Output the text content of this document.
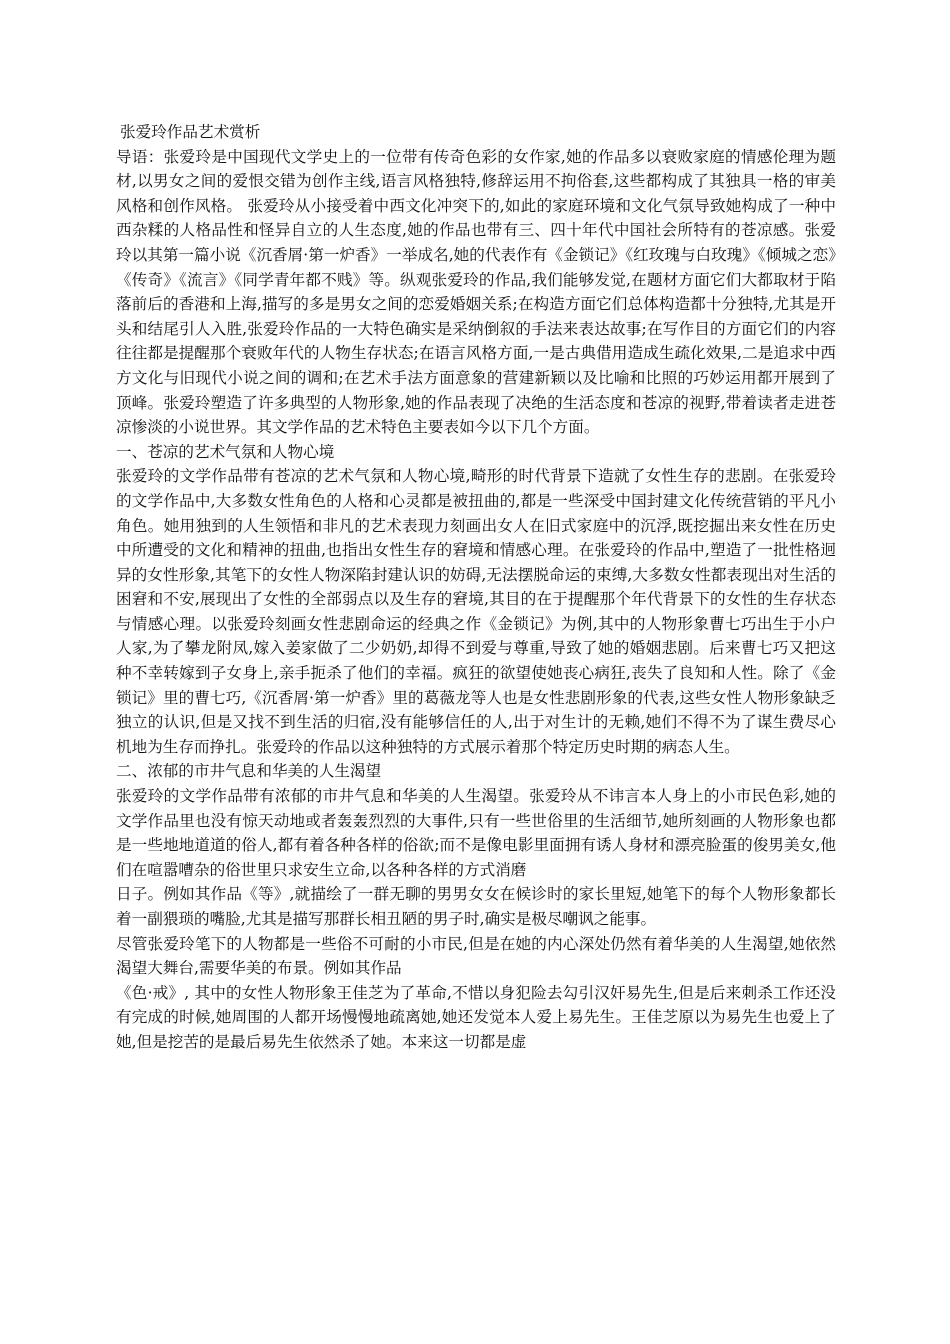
张爱玲作品艺术赏析

导语：张爱玲是中国现代文学史上的一位带有传奇色彩的女作家,她的作品多以衰败家庭的情感伦理为题材,以男女之间的爱恨交错为创作主线,语言风格独特,修辞运用不拘俗套,这些都构成了其独具一格的审美风格和创作风格。 张爱玲从小接受着中西文化冲突下的,如此的家庭环境和文化气氛导致她构成了一种中西杂糅的人格品性和怪异自立的人生态度,她的作品也带有三、四十年代中国社会所特有的苍凉感。张爱玲以其第一篇小说《沉香屑·第一炉香》一举成名,她的代表作有《金锁记》《红玫瑰与白玫瑰》《倾城之恋》《传奇》《流言》《同学青年都不贱》等。纵观张爱玲的作品,我们能够发觉,在题材方面它们大都取材于陷落前后的香港和上海,描写的多是男女之间的恋爱婚姻关系;在构造方面它们总体构造都十分独特,尤其是开头和结尾引人入胜,张爱玲作品的一大特色确实是采纳倒叙的手法来表达故事;在写作目的方面它们的内容往往都是提醒那个衰败年代的人物生存状态;在语言风格方面,一是古典借用造成生疏化效果,二是追求中西方文化与旧现代小说之间的调和;在艺术手法方面意象的营建新颖以及比喻和比照的巧妙运用都开展到了顶峰。张爱玲塑造了许多典型的人物形象,她的作品表现了决绝的生活态度和苍凉的视野,带着读者走进苍凉惨淡的小说世界。其文学作品的艺术特色主要表如今以下几个方面。

一、苍凉的艺术气氛和人物心境

张爱玲的文学作品带有苍凉的艺术气氛和人物心境,畸形的时代背景下造就了女性生存的悲剧。在张爱玲的文学作品中,大多数女性角色的人格和心灵都是被扭曲的,都是一些深受中国封建文化传统营销的平凡小角色。她用独到的人生领悟和非凡的艺术表现力刻画出女人在旧式家庭中的沉浮,既挖掘出来女性在历史中所遭受的文化和精神的扭曲,也指出女性生存的窘境和情感心理。在张爱玲的作品中,塑造了一批性格迥异的女性形象,其笔下的女性人物深陷封建认识的妨碍,无法摆脱命运的束缚,大多数女性都表现出对生活的困窘和不安,展现出了女性的全部弱点以及生存的窘境,其目的在于提醒那个年代背景下的女性的生存状态与情感心理。以张爱玲刻画女性悲剧命运的经典之作《金锁记》为例,其中的人物形象曹七巧出生于小户人家,为了攀龙附凤,嫁入姜家做了二少奶奶,却得不到爱与尊重,导致了她的婚姻悲剧。后来曹七巧又把这种不幸转嫁到子女身上,亲手扼杀了他们的幸福。疯狂的欲望使她丧心病狂,丧失了良知和人性。除了《金锁记》里的曹七巧,《沉香屑·第一炉香》里的葛薇龙等人也是女性悲剧形象的代表,这些女性人物形象缺乏独立的认识,但是又找不到生活的归宿,没有能够信任的人,出于对生计的无赖,她们不得不为了谋生费尽心机地为生存而挣扎。张爱玲的作品以这种独特的方式展示着那个特定历史时期的病态人生。

二、浓郁的市井气息和华美的人生渴望

张爱玲的文学作品带有浓郁的市井气息和华美的人生渴望。张爱玲从不讳言本人身上的小市民色彩,她的文学作品里也没有惊天动地或者轰轰烈烈的大事件,只有一些世俗里的生活细节,她所刻画的人物形象也都是一些地地道道的俗人,都有着各种各样的俗欲;而不是像电影里面拥有诱人身材和漂亮脸蛋的俊男美女,他们在喧嚣嘈杂的俗世里只求安生立命,以各种各样的方式消磨

日子。例如其作品《等》,就描绘了一群无聊的男男女女在候诊时的家长里短,她笔下的每个人物形象都长着一副猥琐的嘴脸,尤其是描写那群长相丑陋的男子时,确实是极尽嘲讽之能事。

尽管张爱玲笔下的人物都是一些俗不可耐的小市民,但是在她的内心深处仍然有着华美的人生渴望,她依然渴望大舞台,需要华美的布景。例如其作品

《色·戒》, 其中的女性人物形象王佳芝为了革命,不惜以身犯险去勾引汉奸易先生,但是后来刺杀工作还没有完成的时候,她周围的人都开场慢慢地疏离她,她还发觉本人爱上易先生。王佳芝原以为易先生也爱上了她,但是挖苦的是最后易先生依然杀了她。本来这一切都是虚
